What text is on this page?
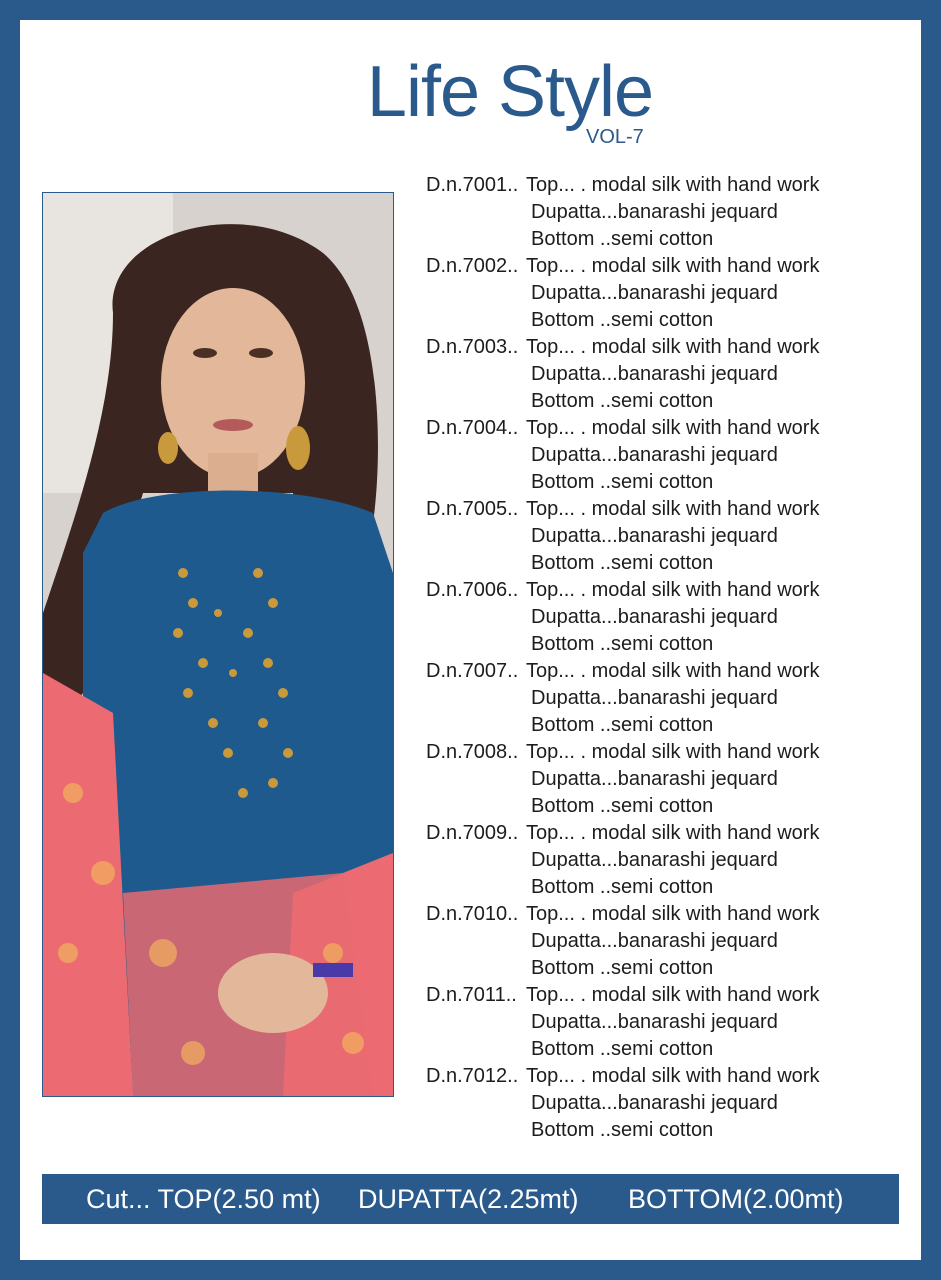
Life Style
VOL-7
D.n.7001.. Top... . modal silk with hand work
Dupatta...banarashi jequard
Bottom ..semi cotton
D.n.7002.. Top... . modal silk with hand work
Dupatta...banarashi jequard
Bottom ..semi cotton
D.n.7003.. Top... . modal silk with hand work
Dupatta...banarashi jequard
Bottom ..semi cotton
D.n.7004.. Top... . modal silk with hand work
Dupatta...banarashi jequard
Bottom ..semi cotton
D.n.7005.. Top... . modal silk with hand work
Dupatta...banarashi jequard
Bottom ..semi cotton
D.n.7006.. Top... . modal silk with hand work
Dupatta...banarashi jequard
Bottom ..semi cotton
D.n.7007.. Top... . modal silk with hand work
Dupatta...banarashi jequard
Bottom ..semi cotton
D.n.7008.. Top... . modal silk with hand work
Dupatta...banarashi jequard
Bottom ..semi cotton
D.n.7009.. Top... . modal silk with hand work
Dupatta...banarashi jequard
Bottom ..semi cotton
D.n.7010.. Top... . modal silk with hand work
Dupatta...banarashi jequard
Bottom ..semi cotton
D.n.7011.. Top... . modal silk with hand work
Dupatta...banarashi jequard
Bottom ..semi cotton
D.n.7012.. Top... . modal silk with hand work
Dupatta...banarashi jequard
Bottom ..semi cotton
Cut... TOP(2.50 mt) DUPATTA(2.25mt) BOTTOM(2.00mt)
